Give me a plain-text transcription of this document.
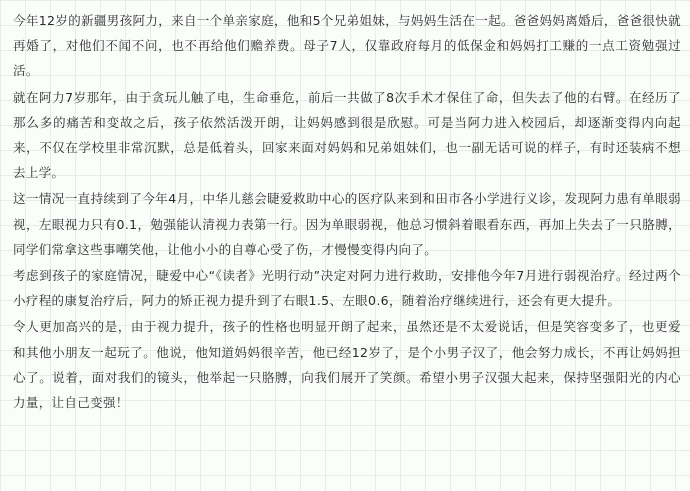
今年12岁的新疆男孩阿力，来自一个单亲家庭，他和5个兄弟姐妹，与妈妈生活在一起。爸爸妈妈离婚后，爸爸很快就再婚了，对他们不闻不问，也不再给他们赡养费。母子7人，仅靠政府每月的低保金和妈妈打工赚的一点工资勉强过活。

就在阿力7岁那年，由于贪玩儿触了电，生命垂危，前后一共做了8次手术才保住了命，但失去了他的右臂。在经历了那么多的痛苦和变故之后，孩子依然活泼开朗，让妈妈感到很是欣慰。可是当阿力进入校园后，却逐渐变得内向起来，不仅在学校里非常沉默，总是低着头，回家来面对妈妈和兄弟姐妹们，也一副无话可说的样子，有时还装病不想去上学。

这一情况一直持续到了今年4月，中华儿慈会睫爱救助中心的医疗队来到和田市各小学进行义诊，发现阿力患有单眼弱视，左眼视力只有0.1，勉强能认清视力表第一行。因为单眼弱视，他总习惯斜着眼看东西，再加上失去了一只胳膊，同学们常拿这些事嘲笑他，让他小小的自尊心受了伤，才慢慢变得内向了。

考虑到孩子的家庭情况，睫爱中心“《读者》光明行动”决定对阿力进行救助，安排他今年7月进行弱视治疗。经过两个小疗程的康复治疗后，阿力的矫正视力提升到了右眼1.5、左眼0.6，随着治疗继续进行，还会有更大提升。

令人更加高兴的是，由于视力提升，孩子的性格也明显开朗了起来，虽然还是不太爱说话，但是笑容变多了，也更爱和其他小朋友一起玩了。他说，他知道妈妈很辛苦，他已经12岁了，是个小男子汉了，他会努力成长，不再让妈妈担心了。说着，面对我们的镜头，他举起一只胳膊，向我们展开了笑颜。希望小男子汉强大起来，保持坚强阳光的内心力量，让自己变强！
